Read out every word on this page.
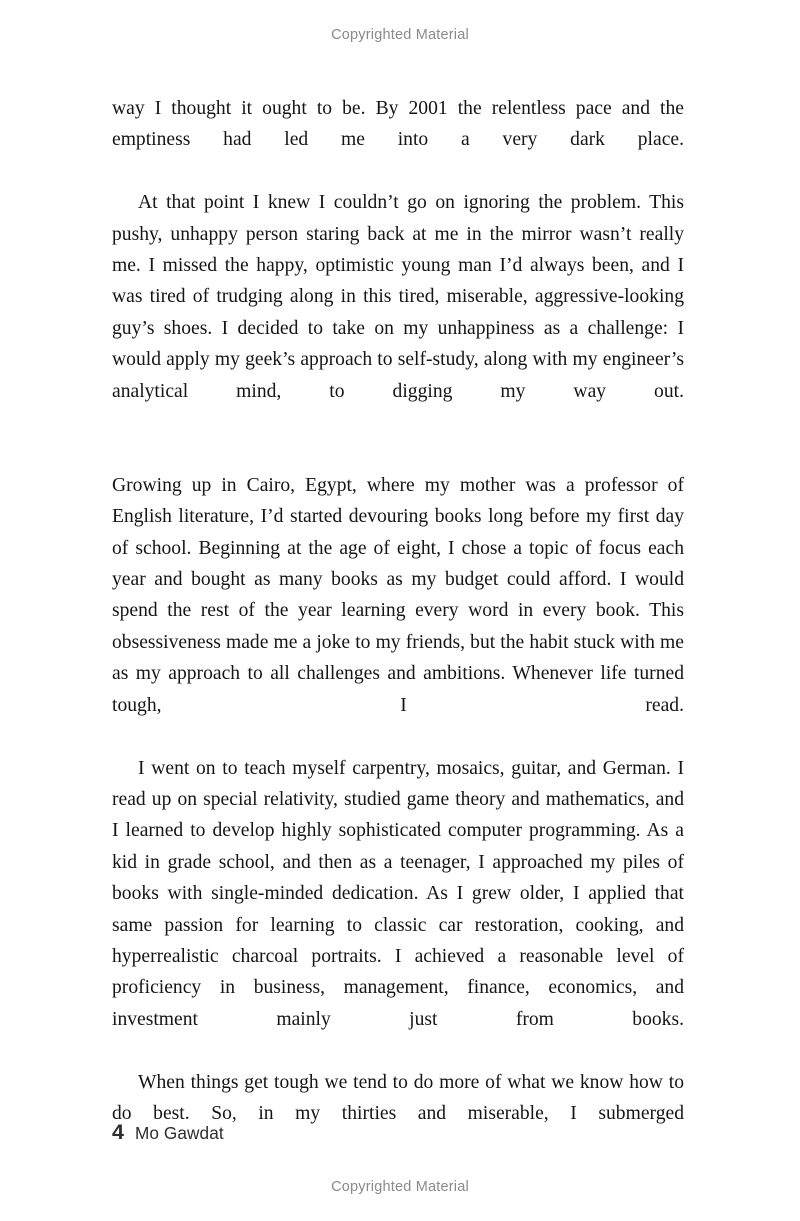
Copyrighted Material

way I thought it ought to be. By 2001 the relentless pace and the emptiness had led me into a very dark place.

At that point I knew I couldn’t go on ignoring the problem. This pushy, unhappy person staring back at me in the mirror wasn’t really me. I missed the happy, optimistic young man I’d always been, and I was tired of trudging along in this tired, miserable, aggressive-looking guy’s shoes. I decided to take on my unhappiness as a challenge: I would apply my geek’s approach to self-study, along with my engineer’s analytical mind, to digging my way out.

Growing up in Cairo, Egypt, where my mother was a professor of English literature, I’d started devouring books long before my first day of school. Beginning at the age of eight, I chose a topic of focus each year and bought as many books as my budget could afford. I would spend the rest of the year learning every word in every book. This obsessiveness made me a joke to my friends, but the habit stuck with me as my approach to all challenges and ambitions. Whenever life turned tough, I read.

I went on to teach myself carpentry, mosaics, guitar, and German. I read up on special relativity, studied game theory and mathematics, and I learned to develop highly sophisticated computer programming. As a kid in grade school, and then as a teenager, I approached my piles of books with single-minded dedication. As I grew older, I applied that same passion for learning to classic car restoration, cooking, and hyperrealistic charcoal portraits. I achieved a reasonable level of proficiency in business, management, finance, economics, and investment mainly just from books.

When things get tough we tend to do more of what we know how to do best. So, in my thirties and miserable, I submerged

4 Mo Gawdat
Copyrighted Material
